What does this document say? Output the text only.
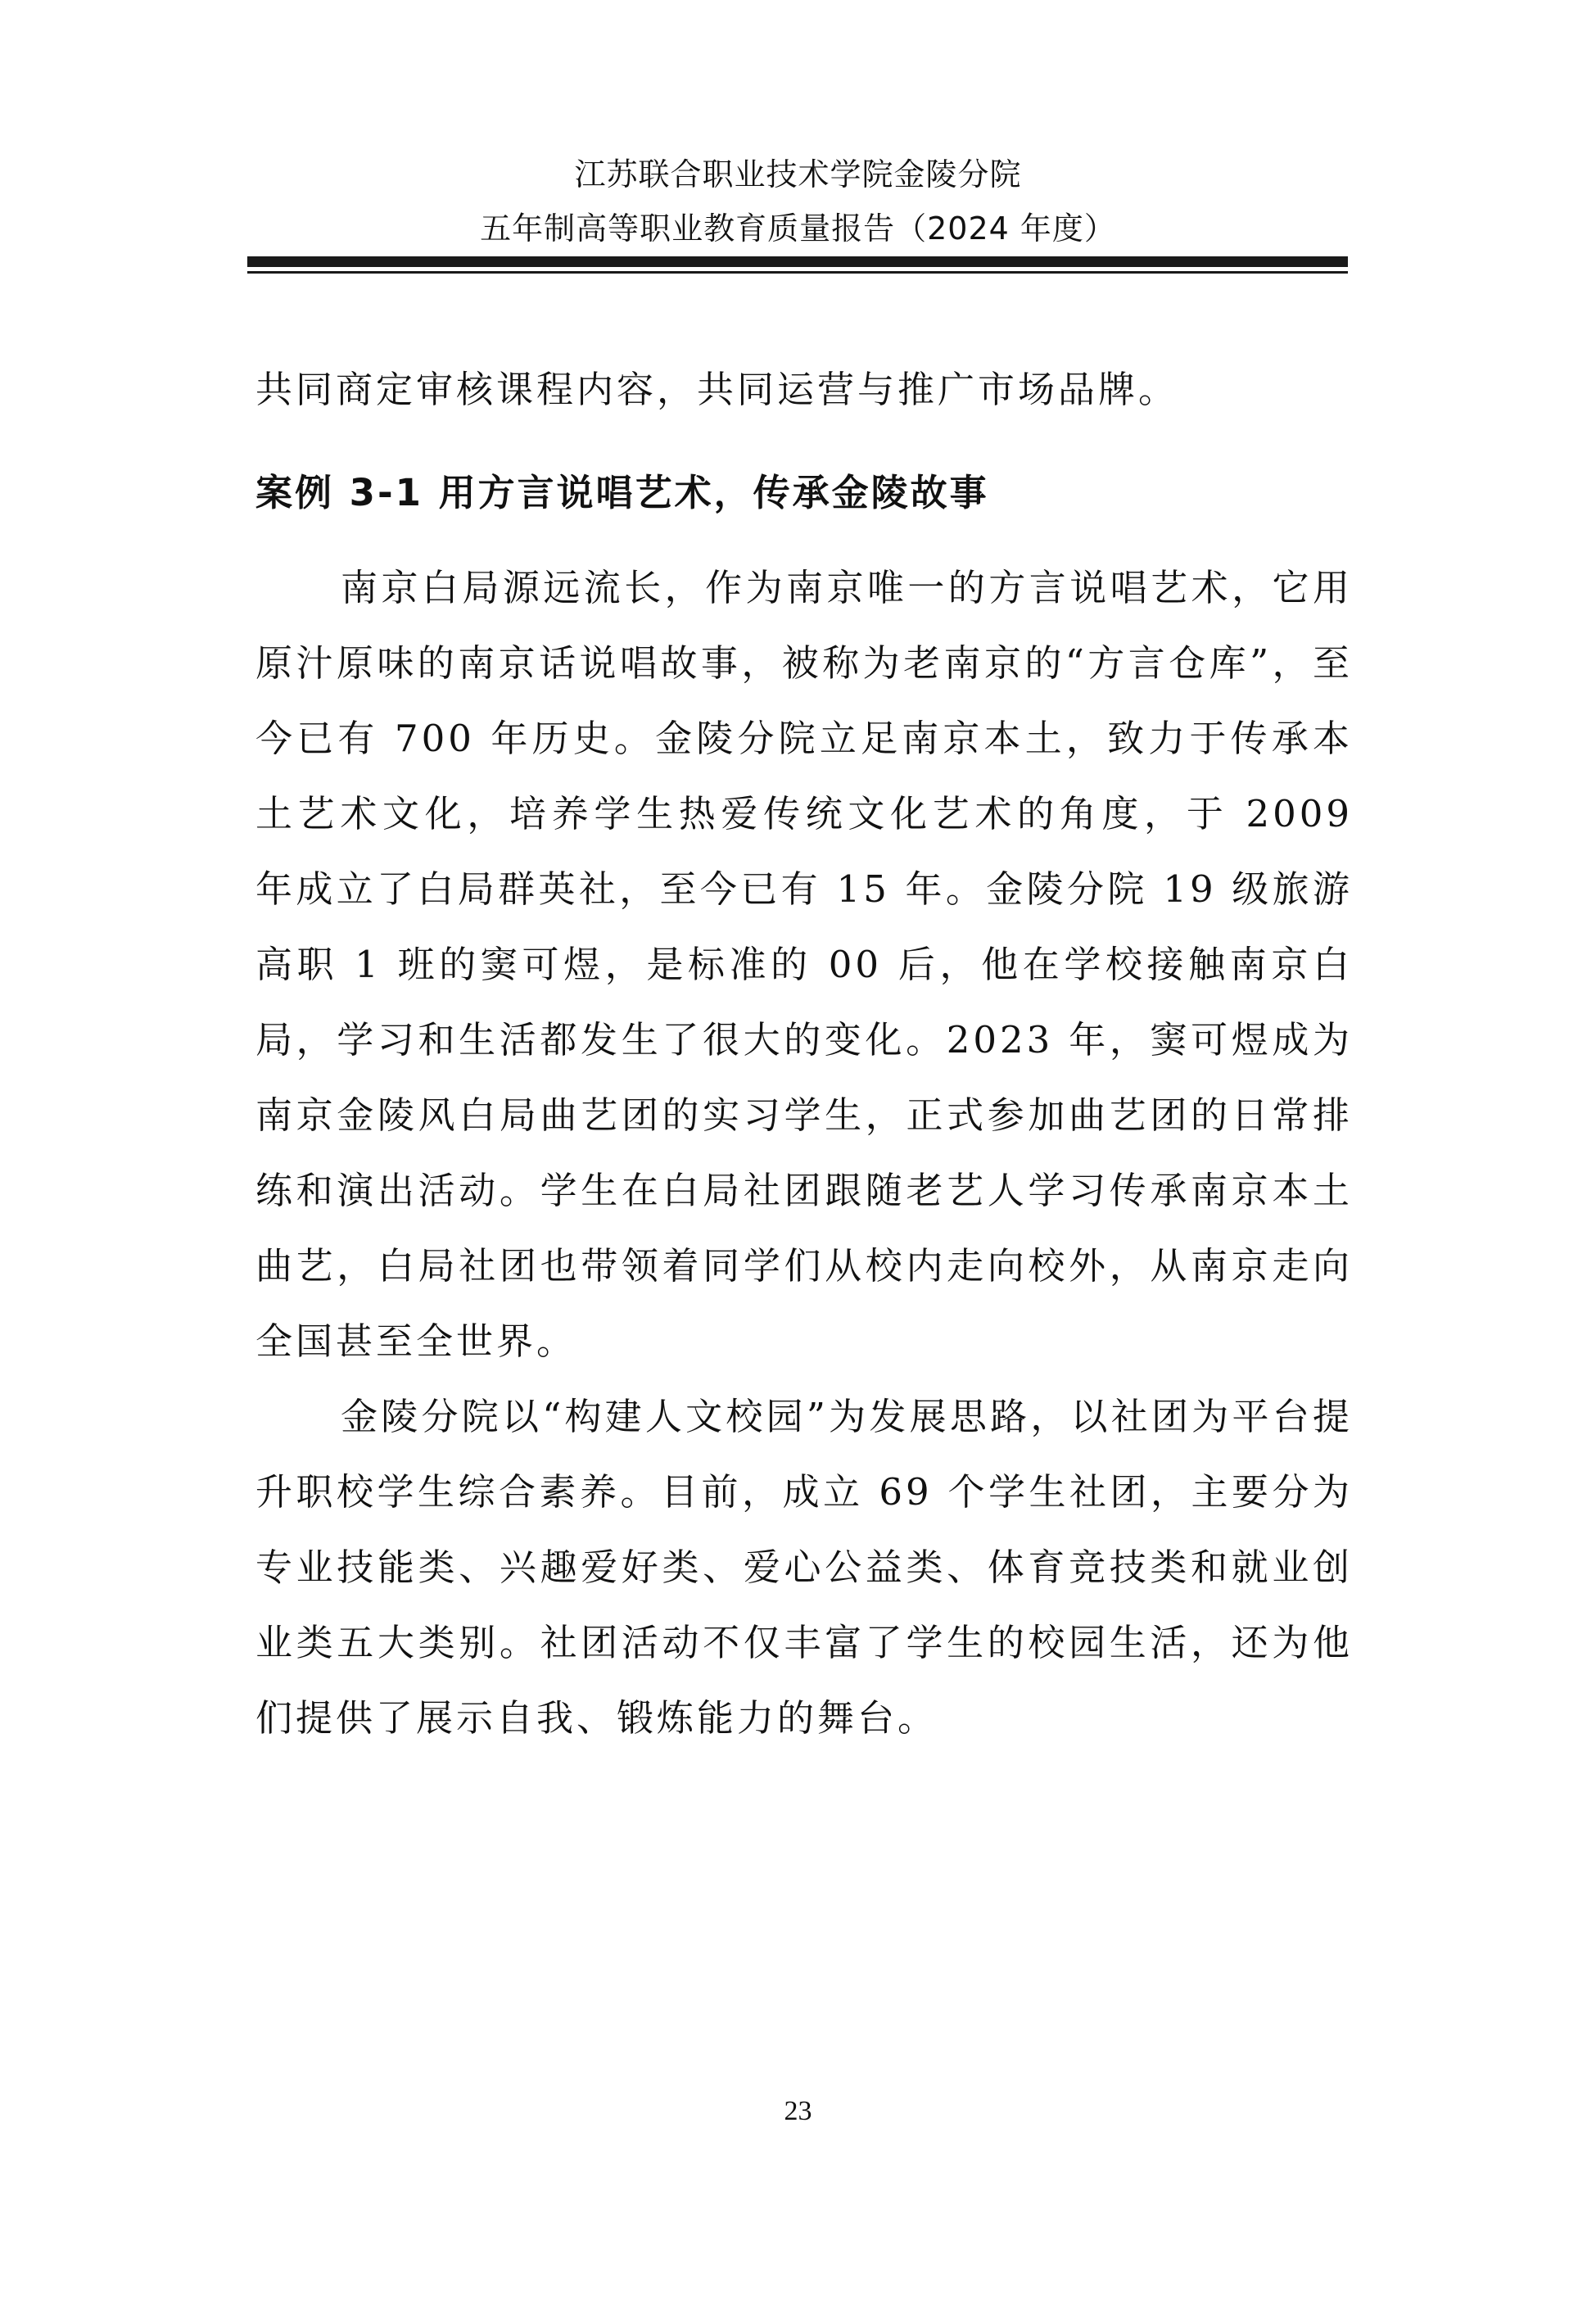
江苏联合职业技术学院金陵分院
五年制高等职业教育质量报告（2024 年度）

共同商定审核课程内容，共同运营与推广市场品牌。

案例 3-1 用方言说唱艺术，传承金陵故事

南京白局源远流长，作为南京唯一的方言说唱艺术，它用原汁原味的南京话说唱故事，被称为老南京的“方言仓库”，至今已有 700 年历史。金陵分院立足南京本土，致力于传承本土艺术文化，培养学生热爱传统文化艺术的角度，于 2009 年成立了白局群英社，至今已有 15 年。金陵分院 19 级旅游高职 1 班的窦可煜，是标准的 00 后，他在学校接触南京白局，学习和生活都发生了很大的变化。2023 年，窦可煜成为南京金陵风白局曲艺团的实习学生，正式参加曲艺团的日常排练和演出活动。学生在白局社团跟随老艺人学习传承南京本土曲艺，白局社团也带领着同学们从校内走向校外，从南京走向全国甚至全世界。

金陵分院以“构建人文校园”为发展思路，以社团为平台提升职校学生综合素养。目前，成立 69 个学生社团，主要分为专业技能类、兴趣爱好类、爱心公益类、体育竞技类和就业创业类五大类别。社团活动不仅丰富了学生的校园生活，还为他们提供了展示自我、锻炼能力的舞台。

23
